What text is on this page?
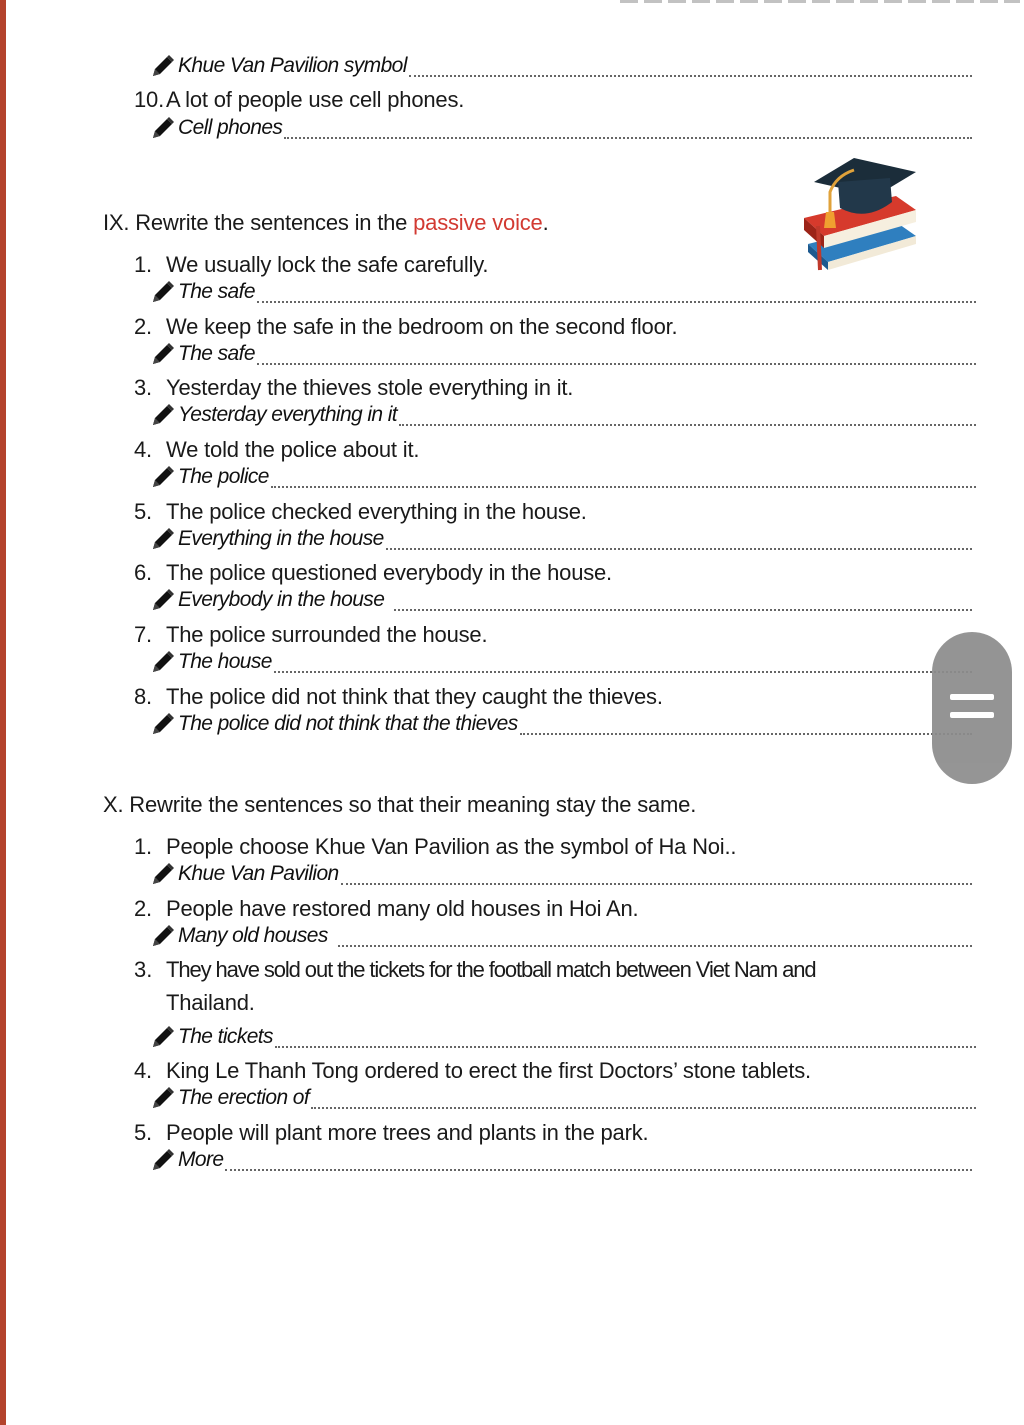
Khue Van Pavilion symbol
10.A lot of people use cell phones.
Cell phones
IX. Rewrite the sentences in the passive voice.
1. We usually lock the safe carefully.
The safe
2. We keep the safe in the bedroom on the second floor.
The safe
3. Yesterday the thieves stole everything in it.
Yesterday everything in it
4. We told the police about it.
The police
5. The police checked everything in the house.
Everything in the house
6. The police questioned everybody in the house.
Everybody in the house
7. The police surrounded the house.
The house
8. The police did not think that they caught the thieves.
The police did not think that the thieves
X. Rewrite the sentences so that their meaning stay the same.
1. People choose Khue Van Pavilion as the symbol of Ha Noi..
Khue Van Pavilion
2. People have restored many old houses in Hoi An.
Many old houses
3. They have sold out the tickets for the football match between Viet Nam and
Thailand.
The tickets
4. King Le Thanh Tong ordered to erect the first Doctors’ stone tablets.
The erection of
5. People will plant more trees and plants in the park.
More
